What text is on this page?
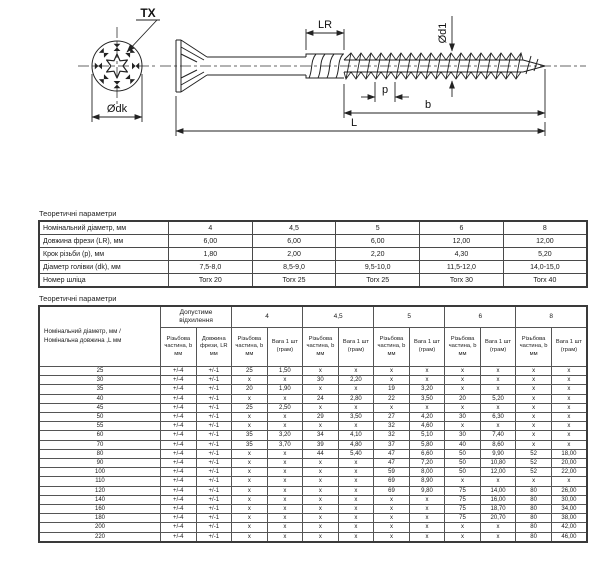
TX
Ødk
LR	Ød1
p
b
L
Теоретичні параметри
Номінальний діаметр, мм	4	4,5	5	6	8
Довжина фрези (LR), мм	6,00	6,00	6,00	12,00	12,00
Крок різьби (p), мм	1,80	2,00	2,20	4,30	5,20
Діаметр голівки (dk), мм	7,5-8,0	8,5-9,0	9,5-10,0	11,5-12,0	14,0-15,0
Номер шліца	Torx 20	Torx 25	Torx 25	Torx 30	Torx 40
Теоретичні параметри
Номінальний діаметр, мм / Номінальна довжина ,L мм	Допустиме відхилення		4		4,5		5		6		8	
	Різьбова частина, b мм	Довжина фрези, LR мм	Різьбова частина, b мм	Вага 1 шт (грам)	Різьбова частина, b мм	Вага 1 шт (грам)	Різьбова частина, b мм	Вага 1 шт (грам)	Різьбова частина, b мм	Вага 1 шт (грам)	Різьбова частина, b мм	Вага 1 шт (грам)
25	+/-4	+/-1	25	1,50	x	x	x	x	x	x	x	x
30	+/-4	+/-1	x	x	30	2,20	x	x	x	x	x	x
35	+/-4	+/-1	20	1,90	x	x	19	3,20	x	x	x	x
40	+/-4	+/-1	x	x	24	2,80	22	3,50	20	5,20	x	x
45	+/-4	+/-1	25	2,50	x	x	x	x	x	x	x	x
50	+/-4	+/-1	x	x	29	3,50	27	4,20	30	6,30	x	x
55	+/-4	+/-1	x	x	x	x	32	4,60	x	x	x	x
60	+/-4	+/-1	35	3,20	34	4,10	32	5,10	30	7,40	x	x
70	+/-4	+/-1	35	3,70	39	4,80	37	5,80	40	8,60	x	x
80	+/-4	+/-1	x	x	44	5,40	47	6,60	50	9,90	52	18,00
90	+/-4	+/-1	x	x	x	x	47	7,20	50	10,80	52	20,00
100	+/-4	+/-1	x	x	x	x	59	8,00	50	12,00	52	22,00
110	+/-4	+/-1	x	x	x	x	69	8,90	x	x	x	x
120	+/-4	+/-1	x	x	x	x	69	9,80	75	14,00	80	26,00
140	+/-4	+/-1	x	x	x	x	x	x	75	16,00	80	30,00
160	+/-4	+/-1	x	x	x	x	x	x	75	18,70	80	34,00
180	+/-4	+/-1	x	x	x	x	x	x	75	20,70	80	38,00
200	+/-4	+/-1	x	x	x	x	x	x	x	x	80	42,00
220	+/-4	+/-1	x	x	x	x	x	x	x	x	80	46,00
